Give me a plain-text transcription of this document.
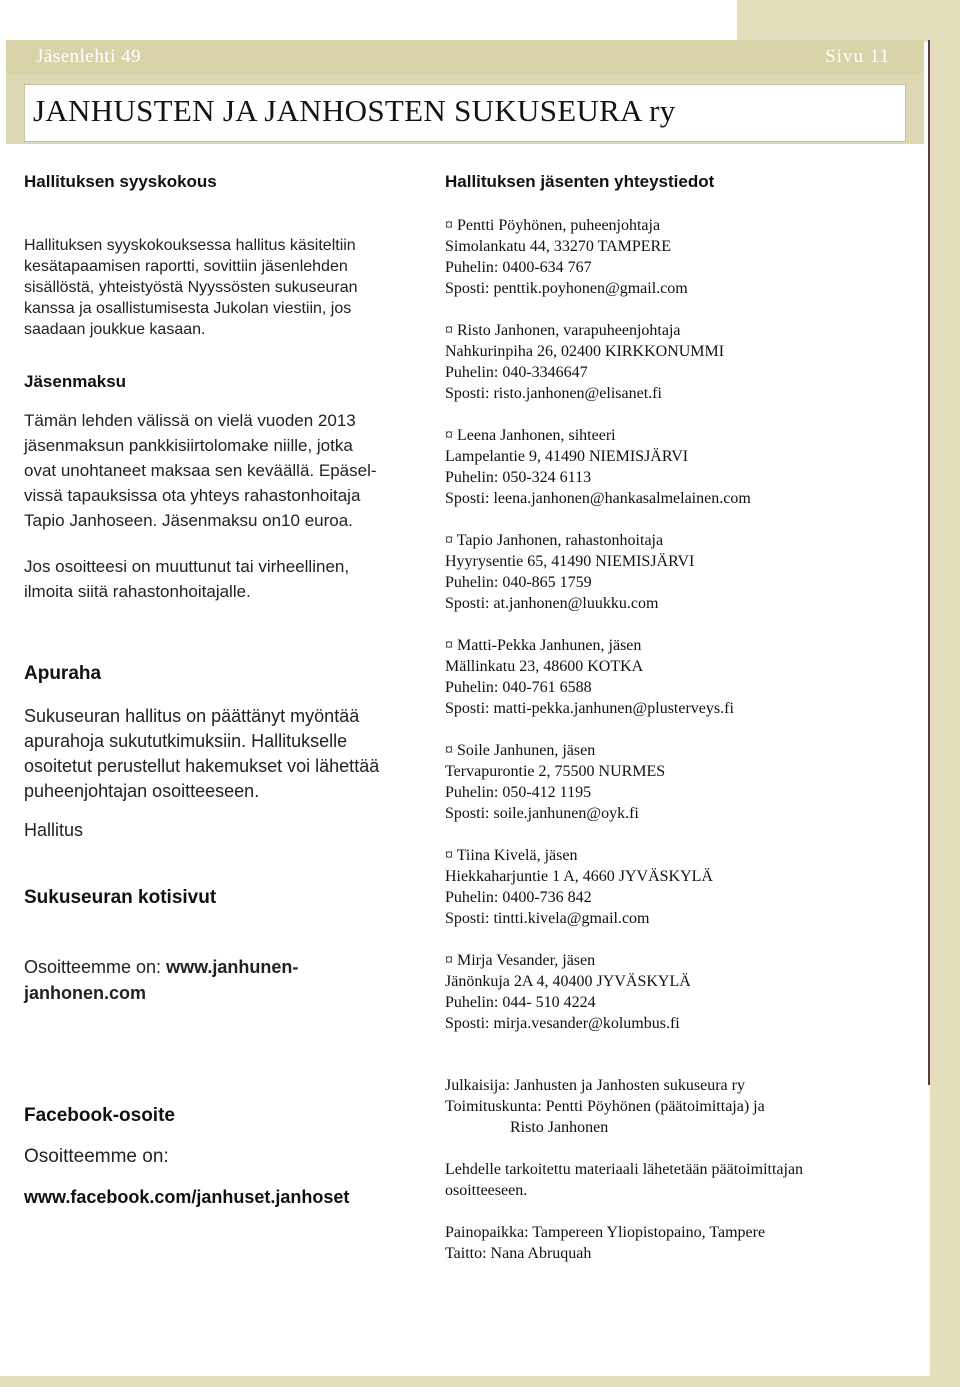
Jäsenlehti 49	Sivu 11
JANHUSTEN JA JANHOSTEN SUKUSEURA ry
Hallituksen syyskokous
Hallituksen syyskokouksessa hallitus käsiteltiin
kesätapaamisen raportti, sovittiin jäsenlehden
sisällöstä, yhteistyöstä Nyyssösten sukuseuran
kanssa ja osallistumisesta Jukolan viestiin, jos
saadaan joukkue kasaan.
Jäsenmaksu
Tämän lehden välissä on vielä vuoden 2013
jäsenmaksun pankkisiirtolomake niille, jotka
ovat unohtaneet maksaa sen keväällä. Epäsel-
vissä tapauksissa ota yhteys rahastonhoitaja
Tapio Janhoseen. Jäsenmaksu on10 euroa.
Jos osoitteesi on muuttunut tai virheellinen,
ilmoita siitä rahastonhoitajalle.
Apuraha
Sukuseuran hallitus on päättänyt myöntää
apurahoja sukututkimuksiin. Hallitukselle
osoitetut perustellut hakemukset voi lähettää
puheenjohtajan osoitteeseen.
Hallitus
Sukuseuran kotisivut
Osoitteemme on: www.janhunen-
janhonen.com
Facebook-osoite
Osoitteemme on:
www.facebook.com/janhuset.janhoset
Hallituksen jäsenten yhteystiedot
¤ Pentti Pöyhönen, puheenjohtaja
Simolankatu 44, 33270 TAMPERE
Puhelin: 0400-634 767
Sposti: penttik.poyhonen@gmail.com
¤ Risto Janhonen, varapuheenjohtaja
Nahkurinpiha 26, 02400 KIRKKONUMMI
Puhelin: 040-3346647
Sposti: risto.janhonen@elisanet.fi
¤ Leena Janhonen, sihteeri
Lampelantie 9, 41490 NIEMISJÄRVI
Puhelin: 050-324 6113
Sposti: leena.janhonen@hankasalmelainen.com
¤ Tapio Janhonen, rahastonhoitaja
Hyyrysentie 65, 41490 NIEMISJÄRVI
Puhelin: 040-865 1759
Sposti: at.janhonen@luukku.com
¤ Matti-Pekka Janhunen, jäsen
Mällinkatu 23, 48600 KOTKA
Puhelin: 040-761 6588
Sposti: matti-pekka.janhunen@plusterveys.fi
¤ Soile Janhunen, jäsen
Tervapurontie 2, 75500 NURMES
Puhelin: 050-412 1195
Sposti: soile.janhunen@oyk.fi
¤ Tiina Kivelä, jäsen
Hiekkaharjuntie 1 A, 4660 JYVÄSKYLÄ
Puhelin: 0400-736 842
Sposti: tintti.kivela@gmail.com
¤ Mirja Vesander, jäsen
Jänönkuja 2A 4, 40400 JYVÄSKYLÄ
Puhelin: 044- 510 4224
Sposti: mirja.vesander@kolumbus.fi
Julkaisija: Janhusten ja Janhosten sukuseura ry
Toimituskunta: Pentti Pöyhönen (päätoimittaja) ja
Risto Janhonen
Lehdelle tarkoitettu materiaali lähetetään päätoimittajan
osoitteeseen.
Painopaikka: Tampereen Yliopistopaino, Tampere
Taitto: Nana Abruquah
